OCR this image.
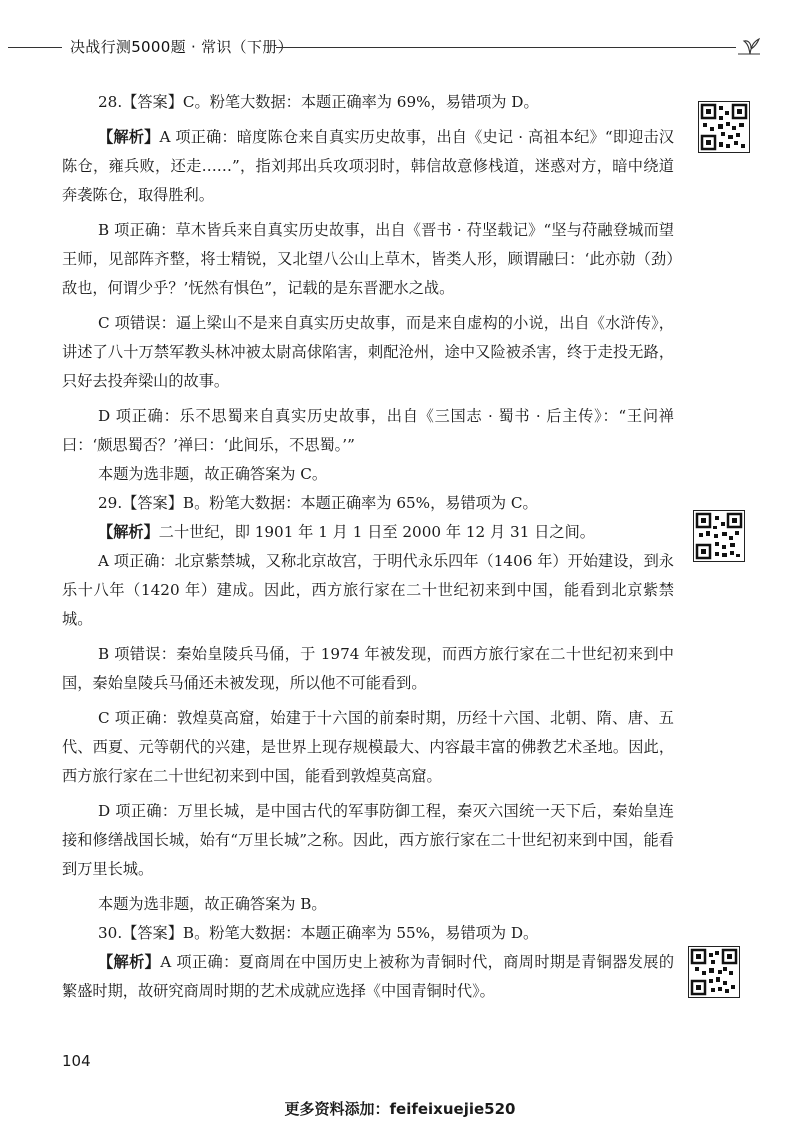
决战行测5000题 · 常识（下册）

28.【答案】C。粉笔大数据：本题正确率为 69%，易错项为 D。

【解析】A 项正确：暗度陈仓来自真实历史故事，出自《史记 · 高祖本纪》“即迎击汉陈仓，雍兵败，还走……”，指刘邦出兵攻项羽时，韩信故意修栈道，迷惑对方，暗中绕道奔袭陈仓，取得胜利。

B 项正确：草木皆兵来自真实历史故事，出自《晋书 · 苻坚载记》“坚与苻融登城而望王师，见部阵齐整，将士精锐，又北望八公山上草木，皆类人形，顾谓融曰：‘此亦勍（劲）敌也，何谓少乎？’怃然有惧色”，记载的是东晋淝水之战。

C 项错误：逼上梁山不是来自真实历史故事，而是来自虚构的小说，出自《水浒传》，讲述了八十万禁军教头林冲被太尉高俅陷害，刺配沧州，途中又险被杀害，终于走投无路，只好去投奔梁山的故事。

D 项正确：乐不思蜀来自真实历史故事，出自《三国志 · 蜀书 · 后主传》：“王问禅曰：‘颇思蜀否？’禅曰：‘此间乐，不思蜀。’”

本题为选非题，故正确答案为 C。

29.【答案】B。粉笔大数据：本题正确率为 65%，易错项为 C。

【解析】二十世纪，即 1901 年 1 月 1 日至 2000 年 12 月 31 日之间。

A 项正确：北京紫禁城，又称北京故宫，于明代永乐四年（1406 年）开始建设，到永乐十八年（1420 年）建成。因此，西方旅行家在二十世纪初来到中国，能看到北京紫禁城。

B 项错误：秦始皇陵兵马俑，于 1974 年被发现，而西方旅行家在二十世纪初来到中国，秦始皇陵兵马俑还未被发现，所以他不可能看到。

C 项正确：敦煌莫高窟，始建于十六国的前秦时期，历经十六国、北朝、隋、唐、五代、西夏、元等朝代的兴建，是世界上现存规模最大、内容最丰富的佛教艺术圣地。因此，西方旅行家在二十世纪初来到中国，能看到敦煌莫高窟。

D 项正确：万里长城，是中国古代的军事防御工程，秦灭六国统一天下后，秦始皇连接和修缮战国长城，始有“万里长城”之称。因此，西方旅行家在二十世纪初来到中国，能看到万里长城。

本题为选非题，故正确答案为 B。

30.【答案】B。粉笔大数据：本题正确率为 55%，易错项为 D。

【解析】A 项正确：夏商周在中国历史上被称为青铜时代，商周时期是青铜器发展的繁盛时期，故研究商周时期的艺术成就应选择《中国青铜时代》。

104
更多资料添加：feifeixuejie520
